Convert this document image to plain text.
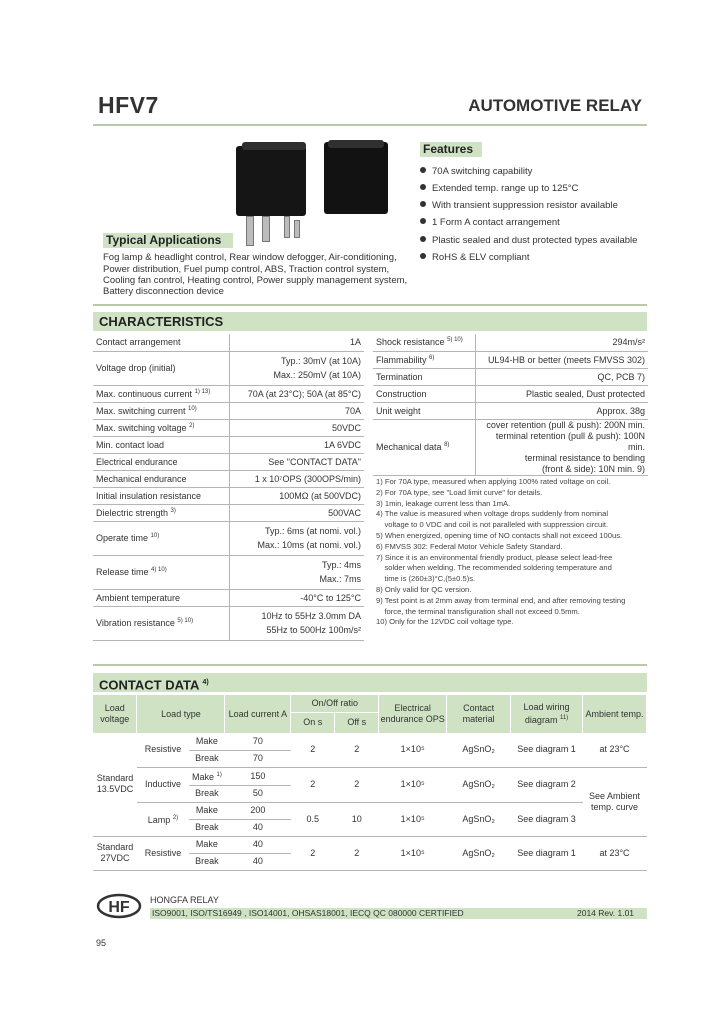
HFV7	AUTOMOTIVE RELAY
Features
70A switching capability
Extended temp. range up to 125°C
With transient suppression resistor available
1 Form A contact arrangement
Plastic sealed and dust protected types available
RoHS & ELV compliant
Typical Applications
Fog lamp & headlight control, Rear window defogger, Air-conditioning,
Power distribution, Fuel pump control, ABS, Traction control system,
Cooling fan control, Heating control, Power supply management system,
Battery disconnection device
CHARACTERISTICS
Contact arrangement	1A
Voltage drop (initial)	Typ.: 30mV (at 10A)
Max.: 250mV (at 10A)

Max. continuous current $^{1) 13)}$	70A (at 23°C); 50A (at 85°C)
Max. switching current $^{10)}$	70A
Max. switching voltage $^{2)}$	50VDC
Min. contact load	1A 6VDC
Electrical endurance	See "CONTACT DATA"
Mechanical endurance	1 x 10⁷OPS (300OPS/min)
Initial insulation resistance	100MΩ (at 500VDC)
Dielectric strength $^{3)}$	500VAC
Operate time $^{10)}$	Typ.: 6ms (at nomi. vol.)
Max.: 10ms (at nomi. vol.)

Release time $^{4) 10)}$	Typ.: 4ms
Max.: 7ms

Ambient temperature	-40°C to 125°C
Vibration resistance $^{5) 10)}$	10Hz to 55Hz 3.0mm DA
55Hz to 500Hz 100m/s²
Shock resistance $^{5) 10)}$	294m/s²
Flammability $^{6)}$	UL94-HB or better (meets FMVSS 302)
Termination	QC, PCB 7)
Construction	Plastic sealed, Dust protected
Unit weight	Approx. 38g
Mechanical data $^{8)}$	cover retention (pull & push): 200N min.
terminal retention (pull & push): 100N min.
terminal resistance to bending
(front & side): 10N min. 9)
1) For 70A type, measured when applying 100% rated voltage on coil.
2) For 70A type, see "Load limit curve" for details.
3) 1min, leakage current less than 1mA.
4) The value is measured when voltage drops suddenly from nominal
voltage to 0 VDC and coil is not paralleled with suppression circuit.
5) When energized, opening time of NO contacts shall not exceed 100us.
6) FMVSS 302: Federal Motor Vehicle Safety Standard.
7) Since it is an environmental friendly product, please select lead-free
solder when welding. The recommended soldering temperature and
time is (260±3)°C,(5±0.5)s.
8) Only valid for QC version.
9) Test point is at 2mm away from terminal end, and after removing testing
force, the terminal transfiguration shall not exceed 0.5mm.
10) Only for the 12VDC coil voltage type.
CONTACT DATA $^{4)}$
Load voltage	Load type		Load current A	On/Off ratio		Electrical endurance OPS	Contact material	Load wiring diagram $^{11)}$	Ambient temp.
				On s	Off s				
Standard 13.5VDC	Resistive	Make	70	2	2	1×10⁵	AgSnO₂	See diagram 1	at 23°C
		Break	70						
	Inductive	Make $^{1)}$	150	2	2	1×10⁵	AgSnO₂	See diagram 2	See Ambient temp. curve
		Break	50						
	Lamp $^{2)}$	Make	200	0.5	10	1×10⁵	AgSnO₂	See diagram 3	
		Break	40						
Standard 27VDC	Resistive	Make	40	2	2	1×10⁵	AgSnO₂	See diagram 1	at 23°C
		Break	40						
HF HONGFA RELAY
ISO9001, ISO/TS16949 , ISO14001, OHSAS18001, IECQ QC 080000 CERTIFIED	2014 Rev. 1.01
95
